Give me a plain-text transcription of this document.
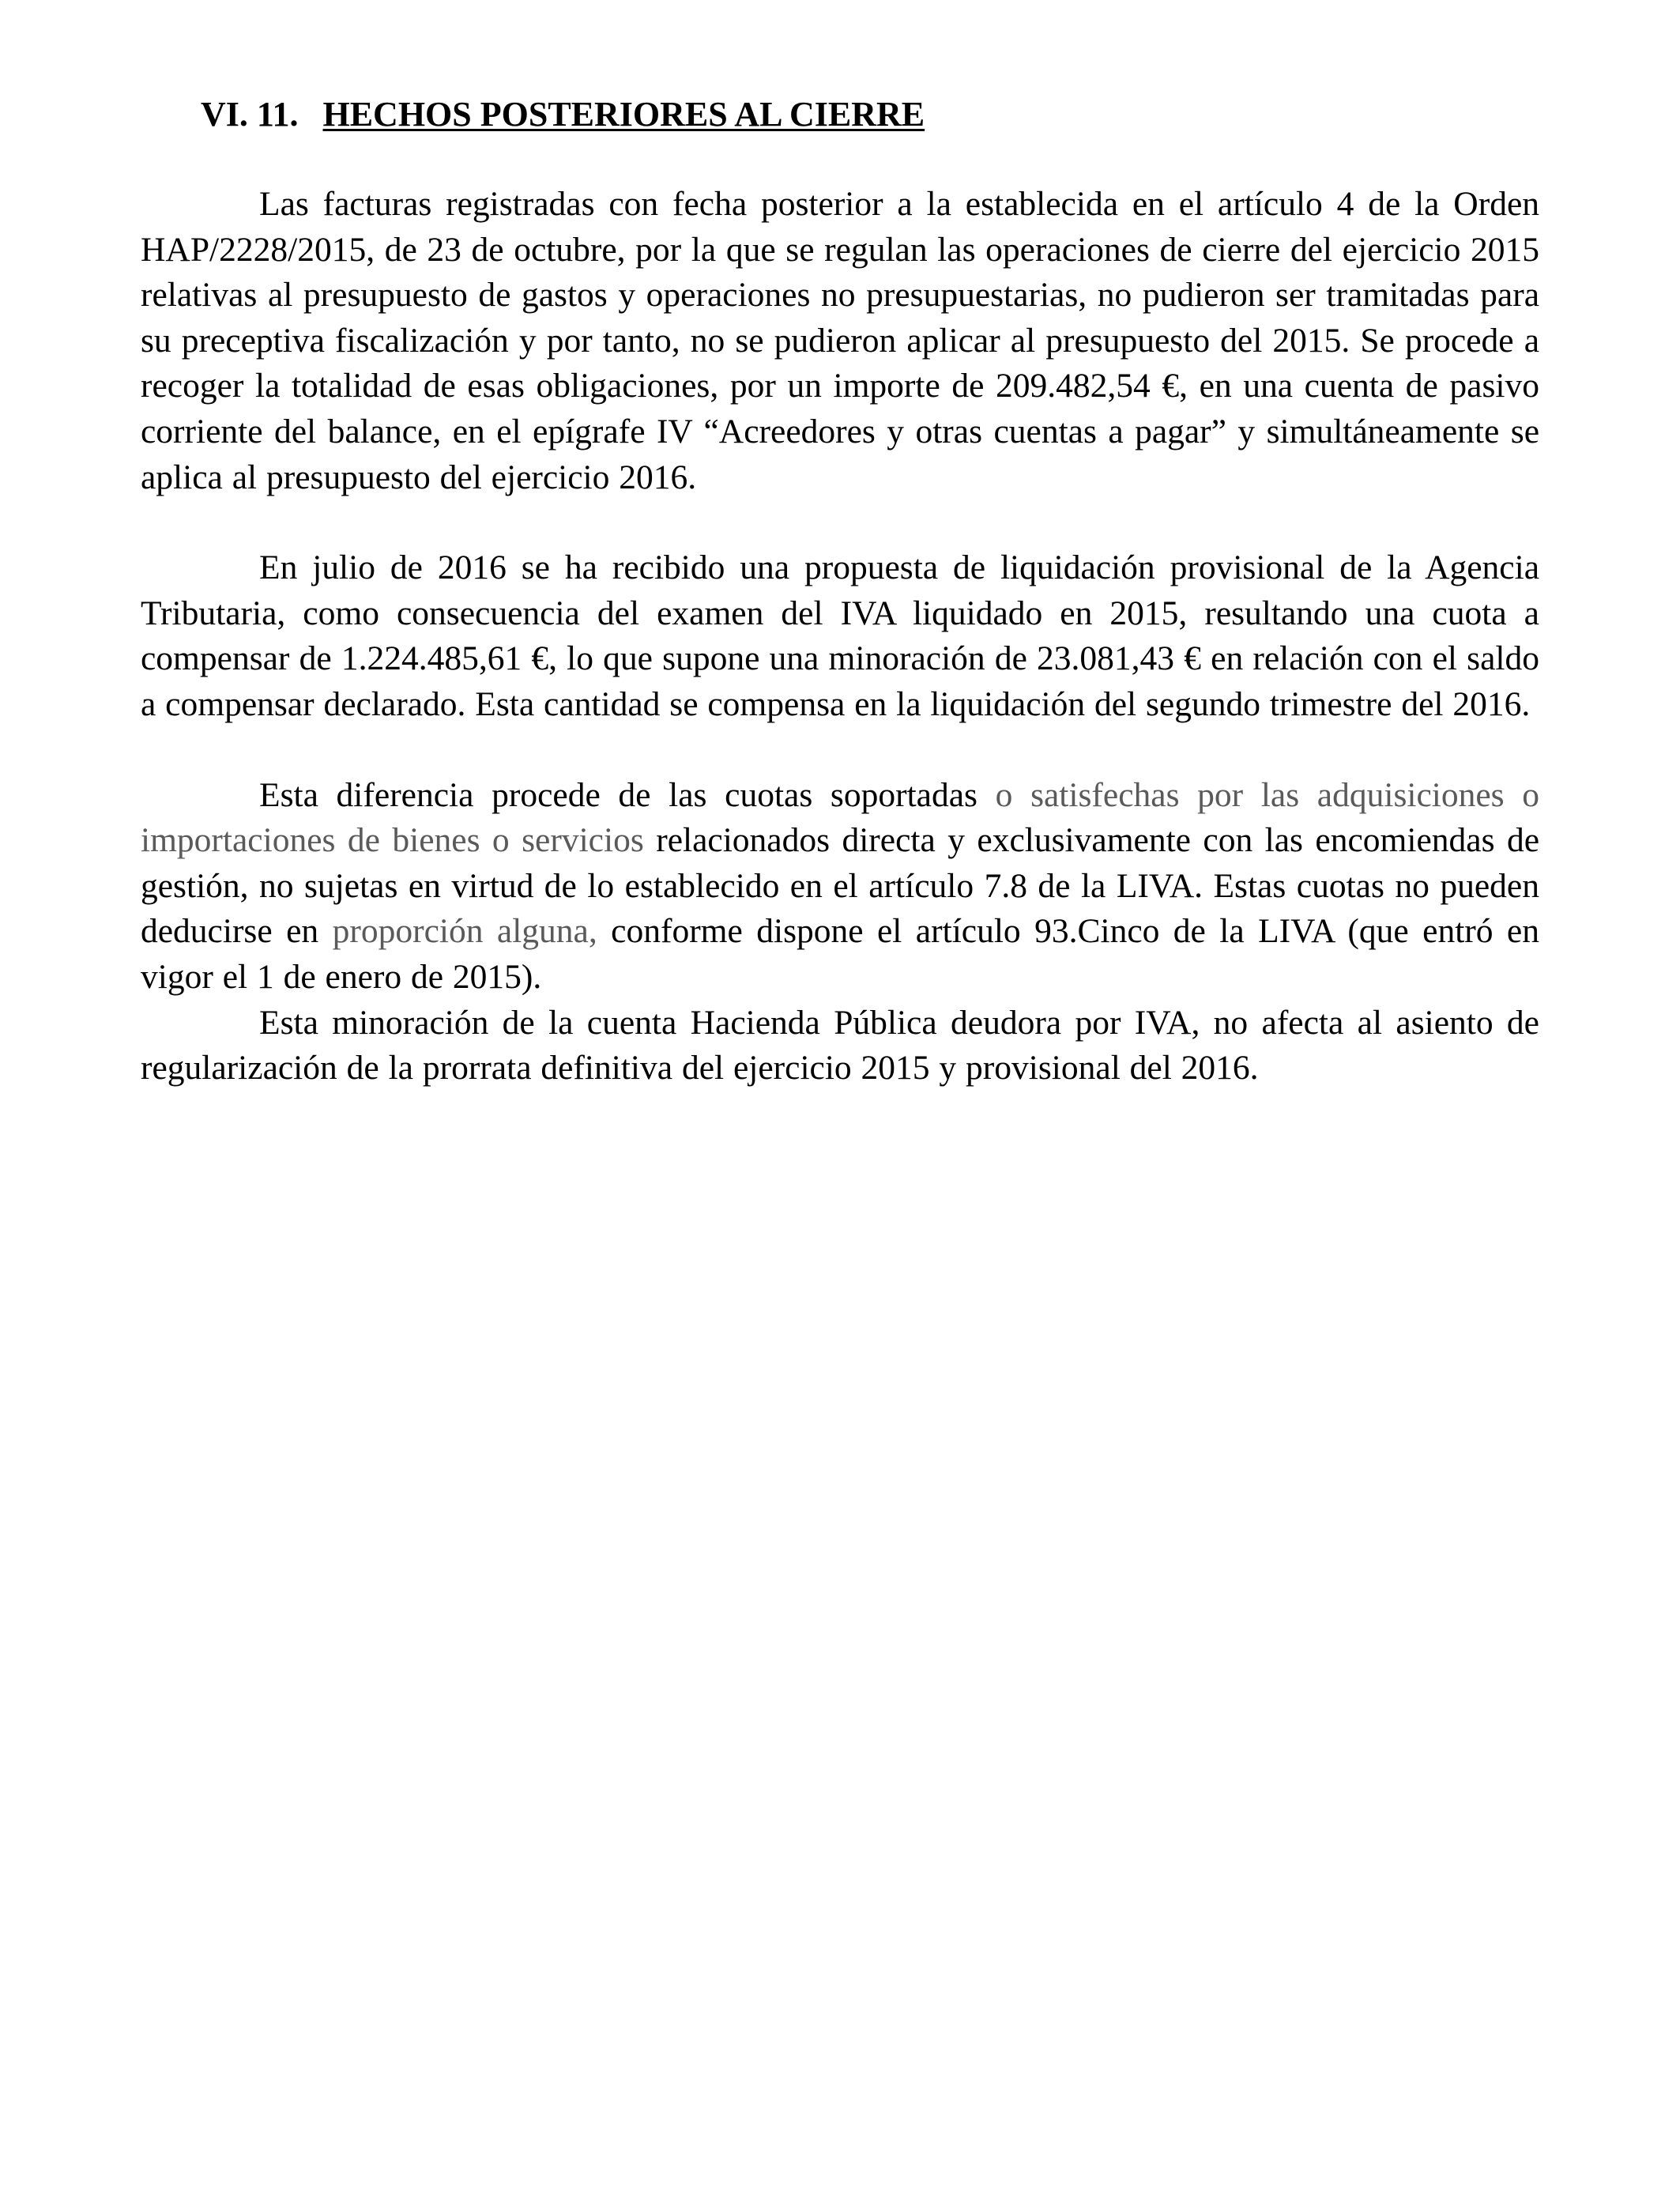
VI. 11. HECHOS POSTERIORES AL CIERRE

Las facturas registradas con fecha posterior a la establecida en el artículo 4 de la Orden HAP/2228/2015, de 23 de octubre, por la que se regulan las operaciones de cierre del ejercicio 2015 relativas al presupuesto de gastos y operaciones no presupuestarias, no pudieron ser tramitadas para su preceptiva fiscalización y por tanto, no se pudieron aplicar al presupuesto del 2015. Se procede a recoger la totalidad de esas obligaciones, por un importe de 209.482,54 €, en una cuenta de pasivo corriente del balance, en el epígrafe IV “Acreedores y otras cuentas a pagar” y simultáneamente se aplica al presupuesto del ejercicio 2016.

En julio de 2016 se ha recibido una propuesta de liquidación provisional de la Agencia Tributaria, como consecuencia del examen del IVA liquidado en 2015, resultando una cuota a compensar de 1.224.485,61 €, lo que supone una minoración de 23.081,43 € en relación con el saldo a compensar declarado. Esta cantidad se compensa en la liquidación del segundo trimestre del 2016.

Esta diferencia procede de las cuotas soportadas o satisfechas por las adquisiciones o importaciones de bienes o servicios relacionados directa y exclusivamente con las encomiendas de gestión, no sujetas en virtud de lo establecido en el artículo 7.8 de la LIVA. Estas cuotas no pueden deducirse en proporción alguna, conforme dispone el artículo 93.Cinco de la LIVA (que entró en vigor el 1 de enero de 2015).

Esta minoración de la cuenta Hacienda Pública deudora por IVA, no afecta al asiento de regularización de la prorrata definitiva del ejercicio 2015 y provisional del 2016.
